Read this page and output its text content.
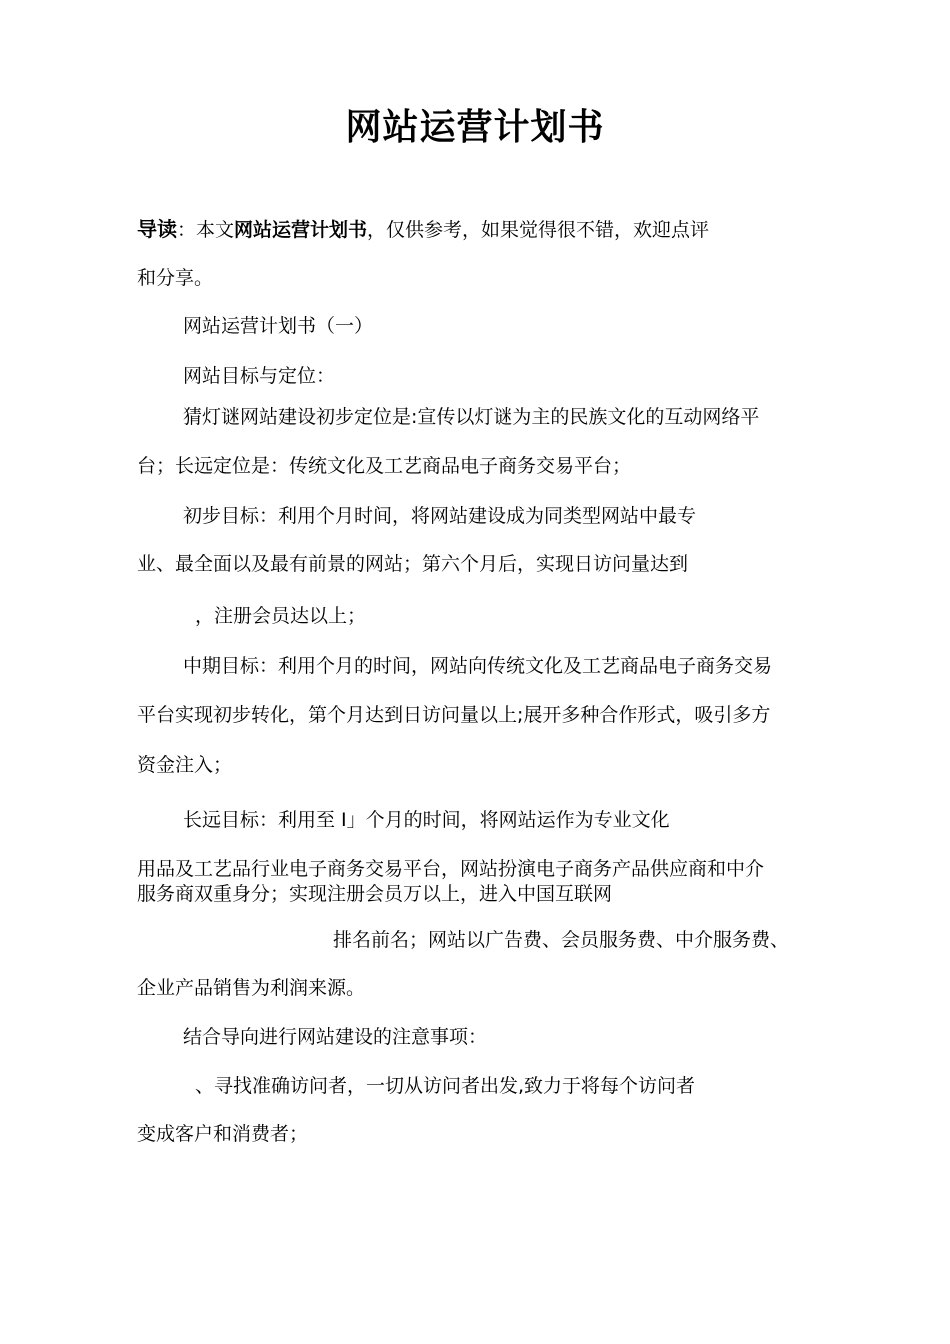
网站运营计划书
导读：本文网站运营计划书，仅供参考，如果觉得很不错，欢迎点评
和分享。
网站运营计划书（一）
网站目标与定位：
猜灯谜网站建设初步定位是:宣传以灯谜为主的民族文化的互动网络平
台；长远定位是：传统文化及工艺商品电子商务交易平台；
初步目标：利用个月时间，将网站建设成为同类型网站中最专
业、最全面以及最有前景的网站；第六个月后，实现日访问量达到
，注册会员达以上；
中期目标：利用个月的时间，网站向传统文化及工艺商品电子商务交易
平台实现初步转化，第个月达到日访问量以上;展开多种合作形式，吸引多方
资金注入；
长远目标：利用至 I」个月的时间，将网站运作为专业文化
用品及工艺品行业电子商务交易平台，网站扮演电子商务产品供应商和中介
服务商双重身分；实现注册会员万以上，进入中国互联网
排名前名；网站以广告费、会员服务费、中介服务费、
企业产品销售为利润来源。
结合导向进行网站建设的注意事项：
、寻找准确访问者，一切从访问者出发,致力于将每个访问者
变成客户和消费者；
